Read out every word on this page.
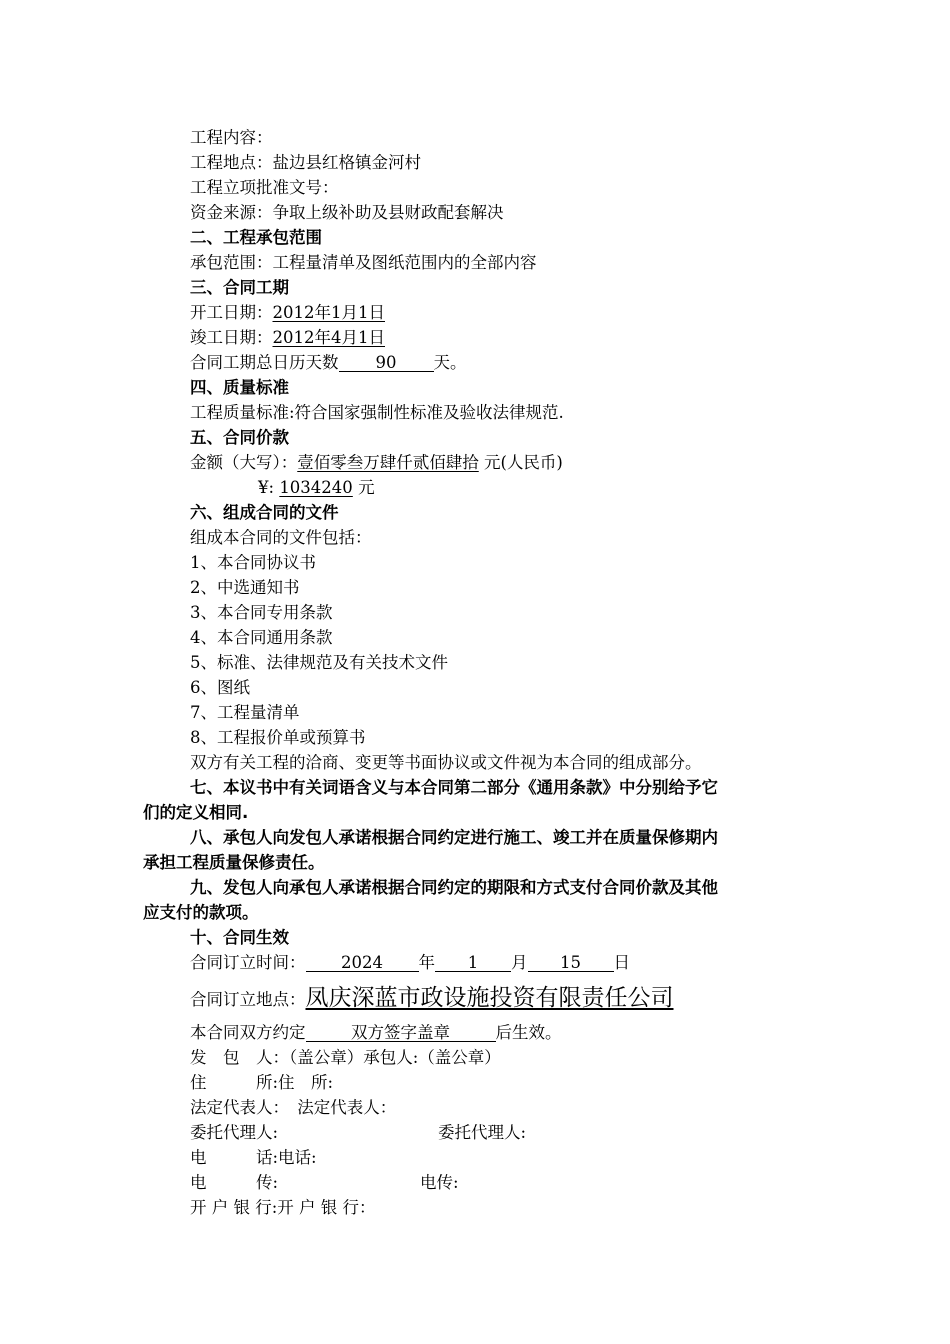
工程内容：
工程地点：盐边县红格镇金河村
工程立项批准文号：
资金来源：争取上级补助及县财政配套解决
二、工程承包范围
承包范围：工程量清单及图纸范围内的全部内容
三、合同工期
开工日期：2012年1月1日
竣工日期：2012年4月1日
合同工期总日历天数 90 天。
四、质量标准
工程质量标准:符合国家强制性标准及验收法律规范.
五、合同价款
金额（大写）：壹佰零叁万肆仟贰佰肆拾 元(人民币)
¥: 1034240 元
六、组成合同的文件
组成本合同的文件包括：
1、本合同协议书
2、中选通知书
3、本合同专用条款
4、本合同通用条款
5、标准、法律规范及有关技术文件
6、图纸
7、工程量清单
8、工程报价单或预算书
双方有关工程的洽商、变更等书面协议或文件视为本合同的组成部分。
七、本议书中有关词语含义与本合同第二部分《通用条款》中分别给予它
们的定义相同.
八、承包人向发包人承诺根据合同约定进行施工、竣工并在质量保修期内
承担工程质量保修责任。
九、发包人向承包人承诺根据合同约定的期限和方式支付合同价款及其他
应支付的款项。
十、合同生效
合同订立时间： 2024 年 1 月 15 日
合同订立地点：凤庆深蓝市政设施投资有限责任公司
本合同双方约定	双方签字盖章	后生效。
发　包　人：（盖公章）承包人:（盖公章）
住　　　所:住　所:
法定代表人：　法定代表人：
委托代理人:	委托代理人:
电　　　话:电话:
电　　　传:	电传:
开 户 银 行:开 户 银 行：
